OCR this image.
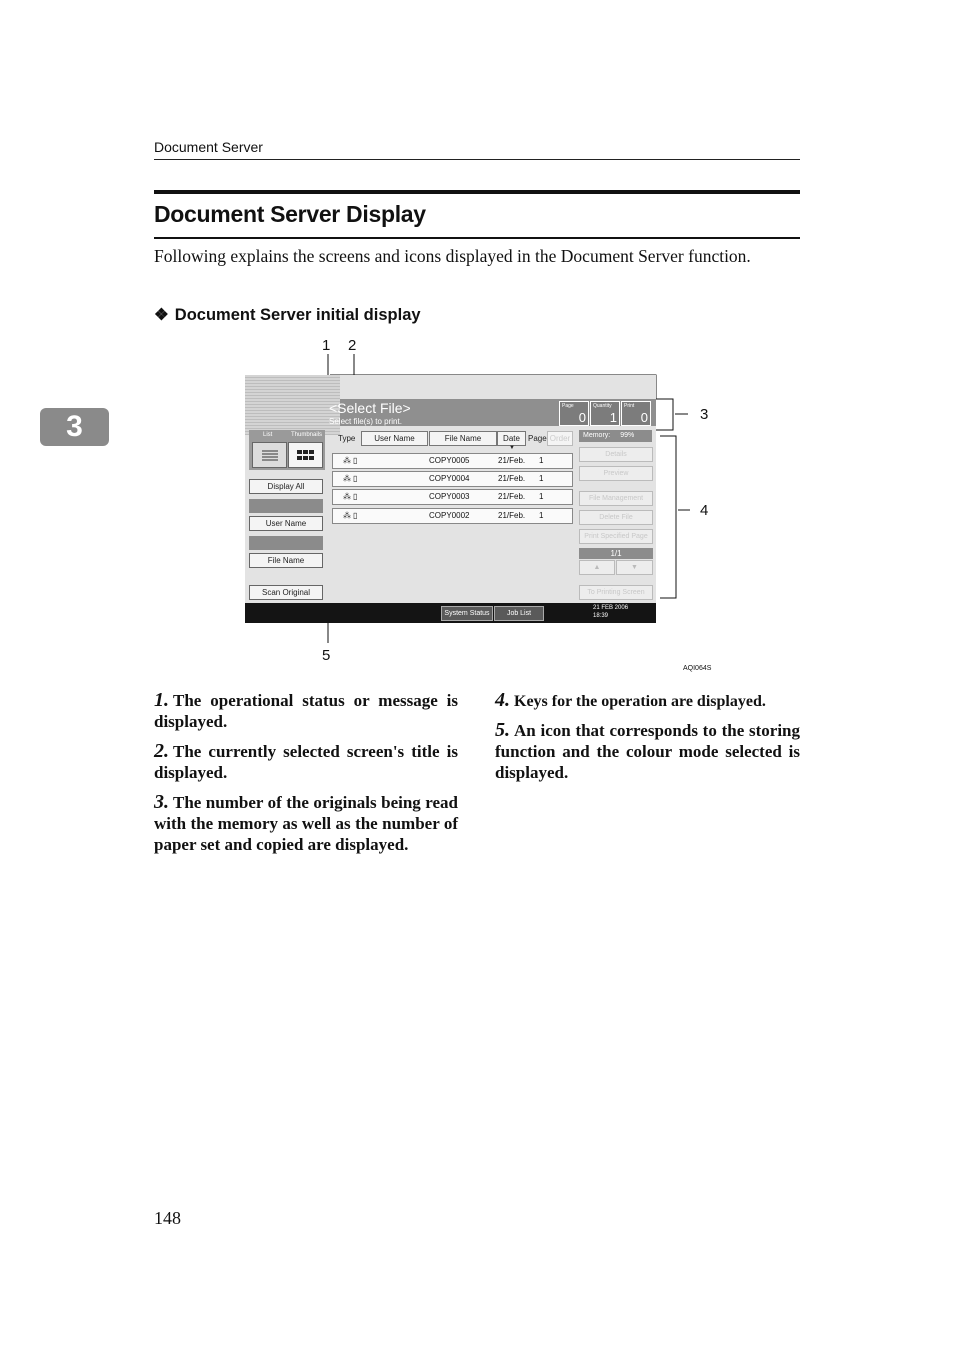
Document Server
Document Server Display
Following explains the screens and icons displayed in the Document Server function.
❖ Document Server initial display
3
1 2
3
4
5
<Select File>
Select file(s) to print.
Page
0
Quantity
1
Print
0
List	Thumbnails
Display All
User Name
File Name
Scan Original
Type	User Name	File Name	Date
▼
Page Order
⁂ ▯	COPY0005	21/Feb. 1
⁂ ▯	COPY0004	21/Feb. 1
⁂ ▯	COPY0003	21/Feb. 1
⁂ ▯	COPY0002	21/Feb. 1
Memory: 99%
Details
Preview
File Management
Delete File
Print Specified Page
1/1
▲	▼
To Printing Screen
System Status	Job List
21 FEB 2006
18:39
AQI064S
1. The operational status or message is displayed.
2. The currently selected screen's title is displayed.
3. The number of the originals being read with the memory as well as the number of paper set and copied are displayed.
4. Keys for the operation are displayed.
5. An icon that corresponds to the storing function and the colour mode selected is displayed.
148
